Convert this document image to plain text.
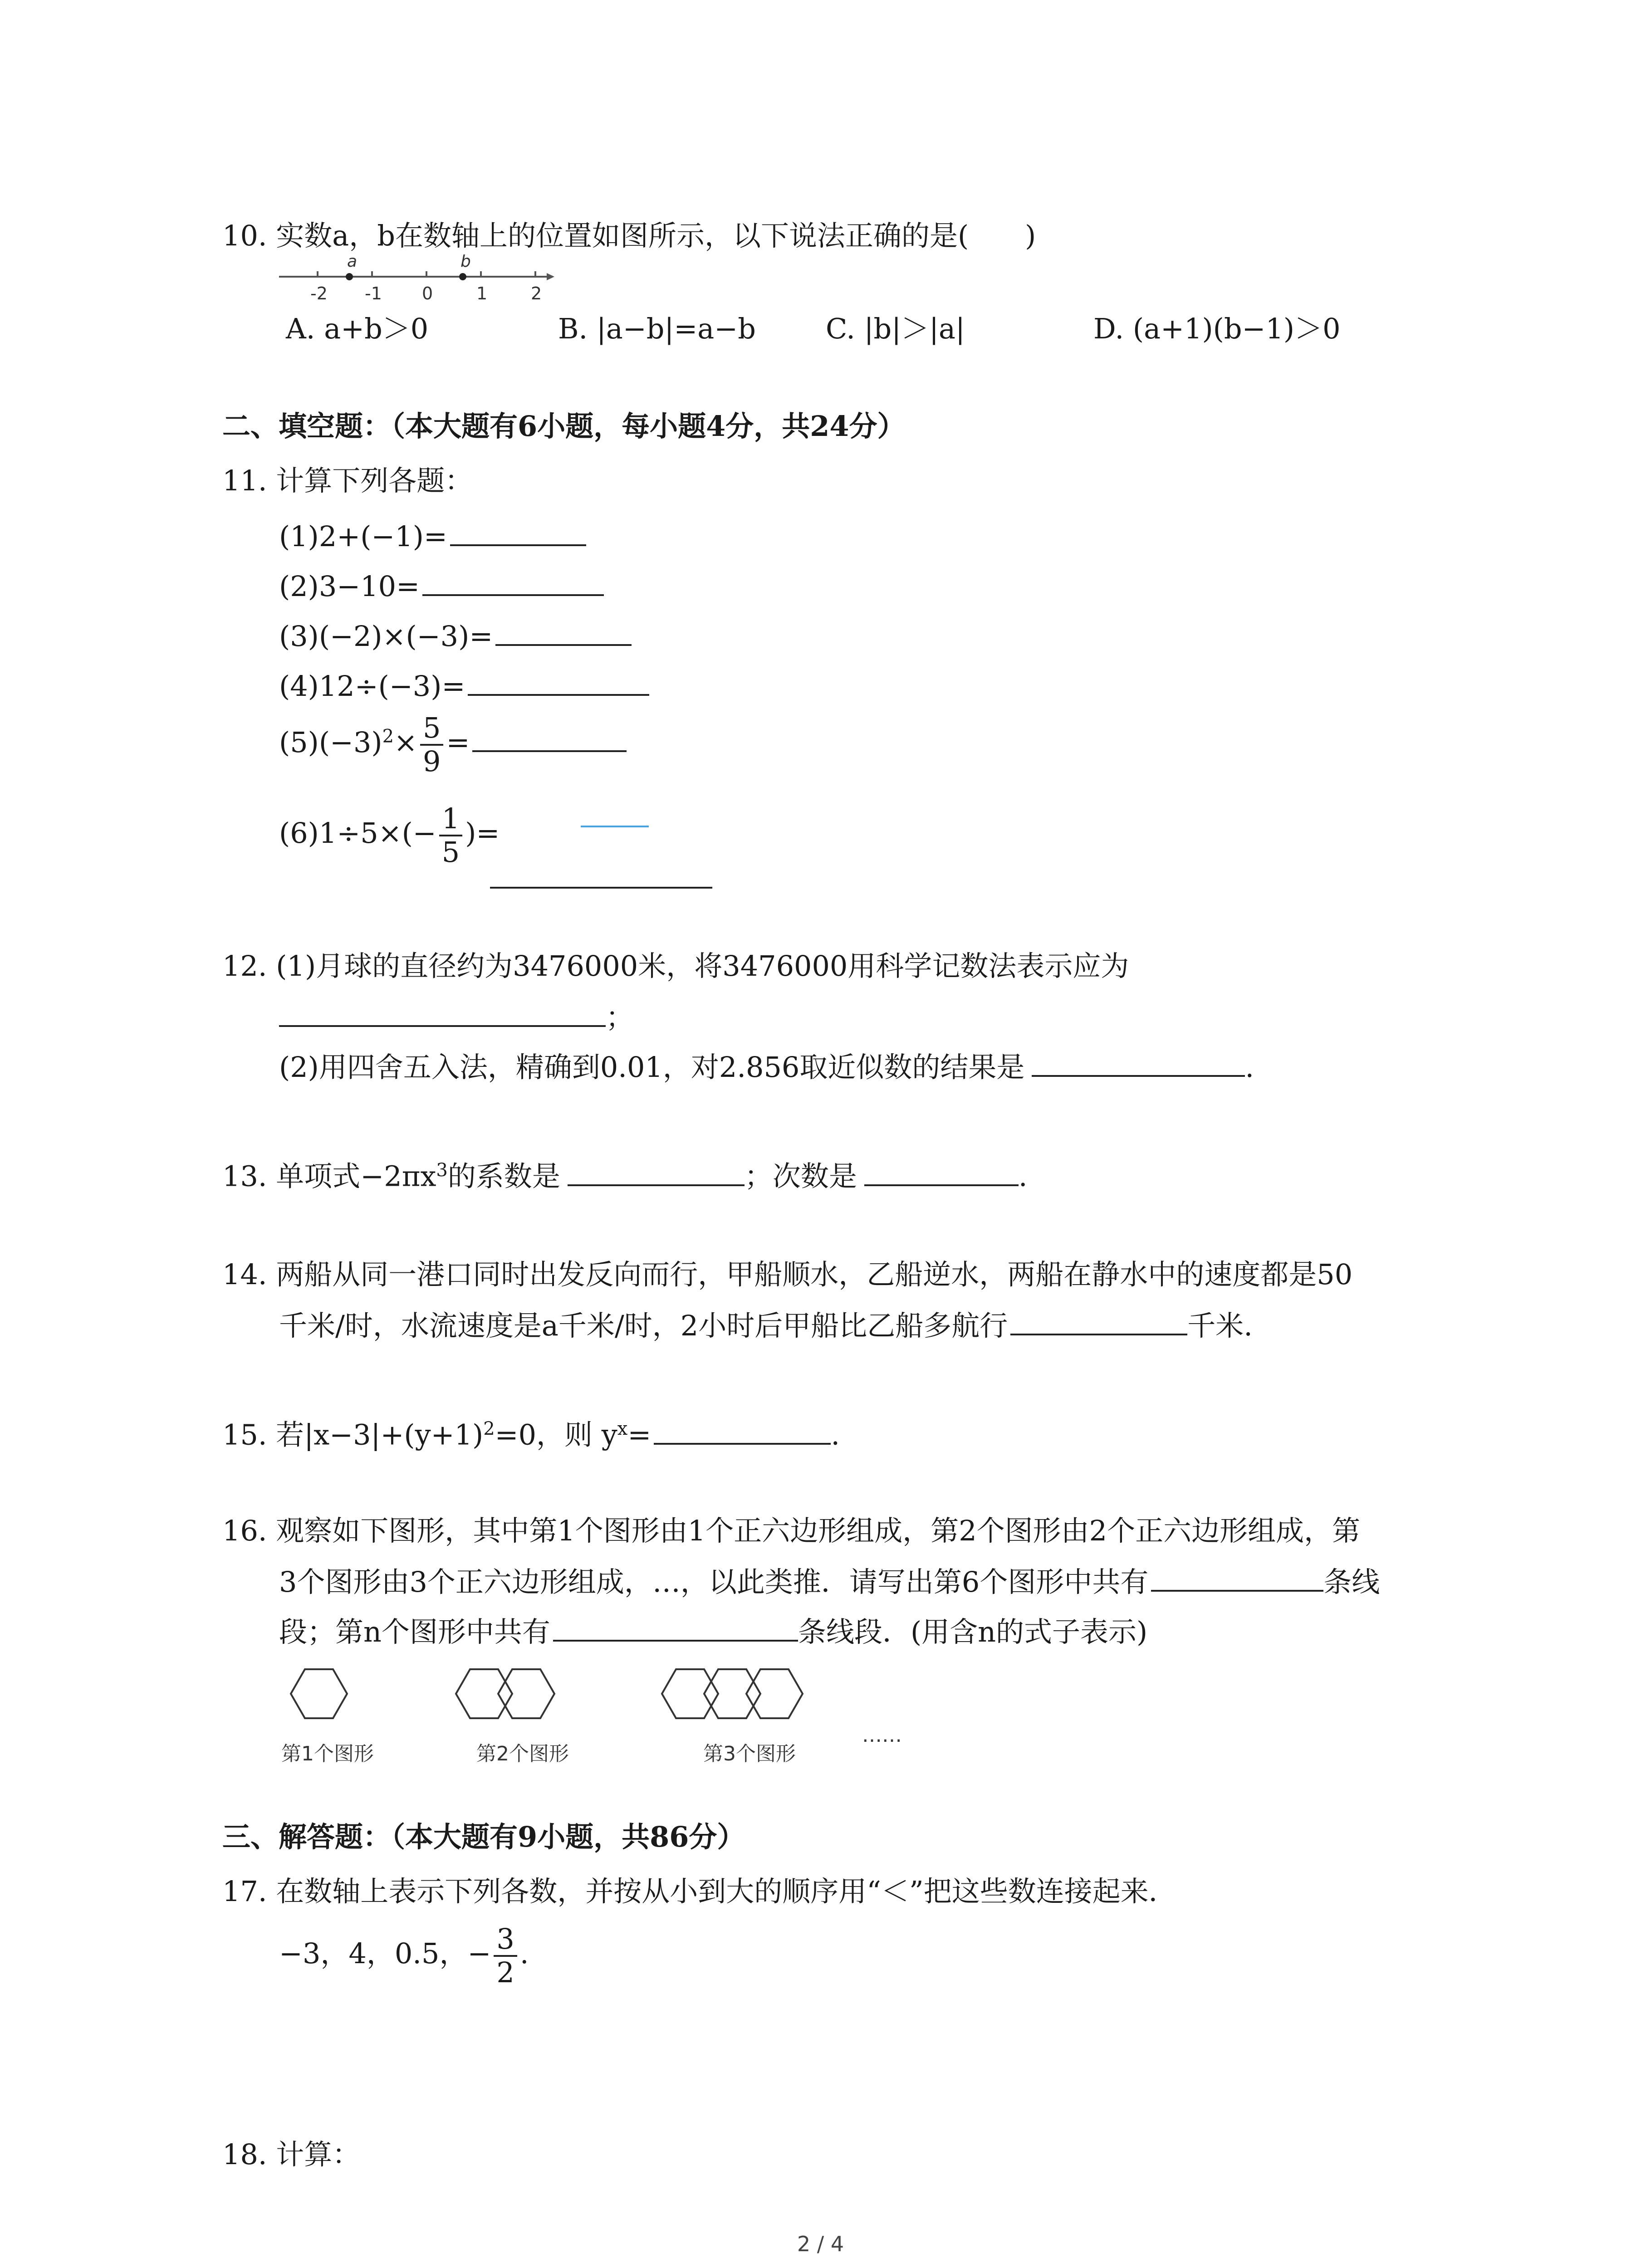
10. 实数a，b在数轴上的位置如图所示，以下说法正确的是(　　)
a	b
-2 -1 0	1	2
A. a+b＞0	B. |a−b|=a−b C. |b|＞|a|	D. (a+1)(b−1)＞0
二、填空题：（本大题有6小题，每小题4分，共24分）
11. 计算下列各题：
(1)2+(−1)=
(2)3−10=
(3)(−2)×(−3)=
(4)12÷(−3)=
$(5)(-3)^2\times \frac{5}{9}$ =
$(6)1\div 5\times(- \frac{1}{5}$ )=
12. (1)月球的直径约为3476000米，将3476000用科学记数法表示应为
；
(2)用四舍五入法，精确到0.01，对2.856取近似数的结果是	.
13. 单项式$-2\pi x^3$的系数是	；次数是	.
14. 两船从同一港口同时出发反向而行，甲船顺水，乙船逆水，两船在静水中的速度都是50
千米/时，水流速度是a千米/时，2小时后甲船比乙船多航行	千米.
15. 若$|x-3|+(y+1)^2=0$，则 $y^x=$	.
16. 观察如下图形，其中第1个图形由1个正六边形组成，第2个图形由2个正六边形组成，第
3个图形由3个正六边形组成，…，以此类推．请写出第6个图形中共有	条线
段；第n个图形中共有	条线段．(用含n的式子表示)
第1个图形	第2个图形	第3个图形
……
三、解答题：（本大题有9小题，共86分）
17. 在数轴上表示下列各数，并按从小到大的顺序用“＜”把这些数连接起来．
−3，4，0.5，− $\frac{3}{2}$ .
18. 计算：
2 / 4
